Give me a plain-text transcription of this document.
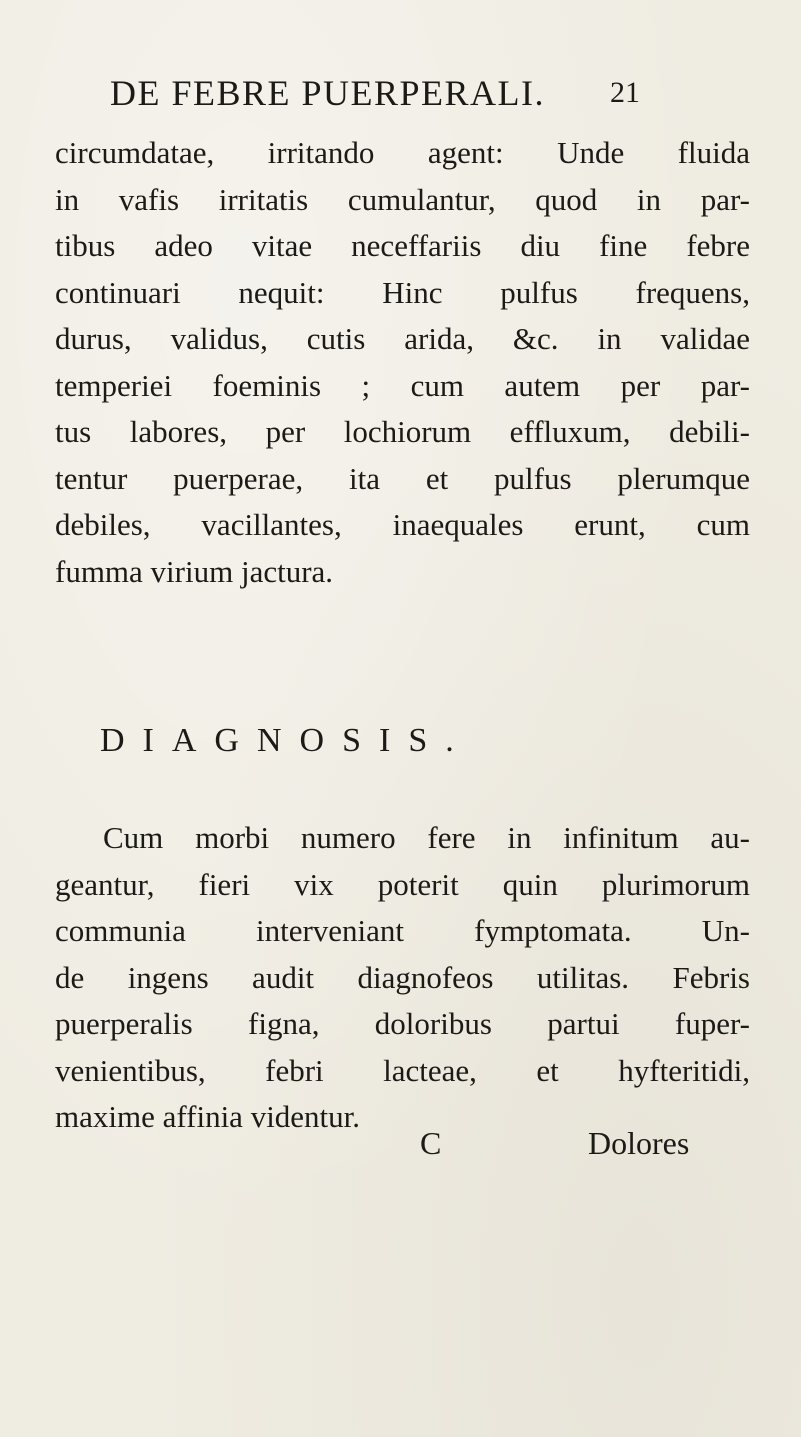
DE FEBRE PUERPERALI.	21
circumdatae, irritando agent: Unde fluida
in vafis irritatis cumulantur, quod in par-
tibus adeo vitae neceffariis diu fine febre
continuari nequit: Hinc pulfus frequens,
durus, validus, cutis arida, &c. in validae
temperiei foeminis ; cum autem per par-
tus labores, per lochiorum effluxum, debili-
tentur puerperae, ita et pulfus plerumque
debiles, vacillantes, inaequales erunt, cum
fumma virium jactura.
DIAGNOSIS.
Cum morbi numero fere in infinitum au-
geantur, fieri vix poterit quin plurimorum
communia interveniant fymptomata. Un-
de ingens audit diagnofeos utilitas. Febris
puerperalis figna, doloribus partui fuper-
venientibus, febri lacteae, et hyfteritidi,
maxime affinia videntur.
C	Dolores
